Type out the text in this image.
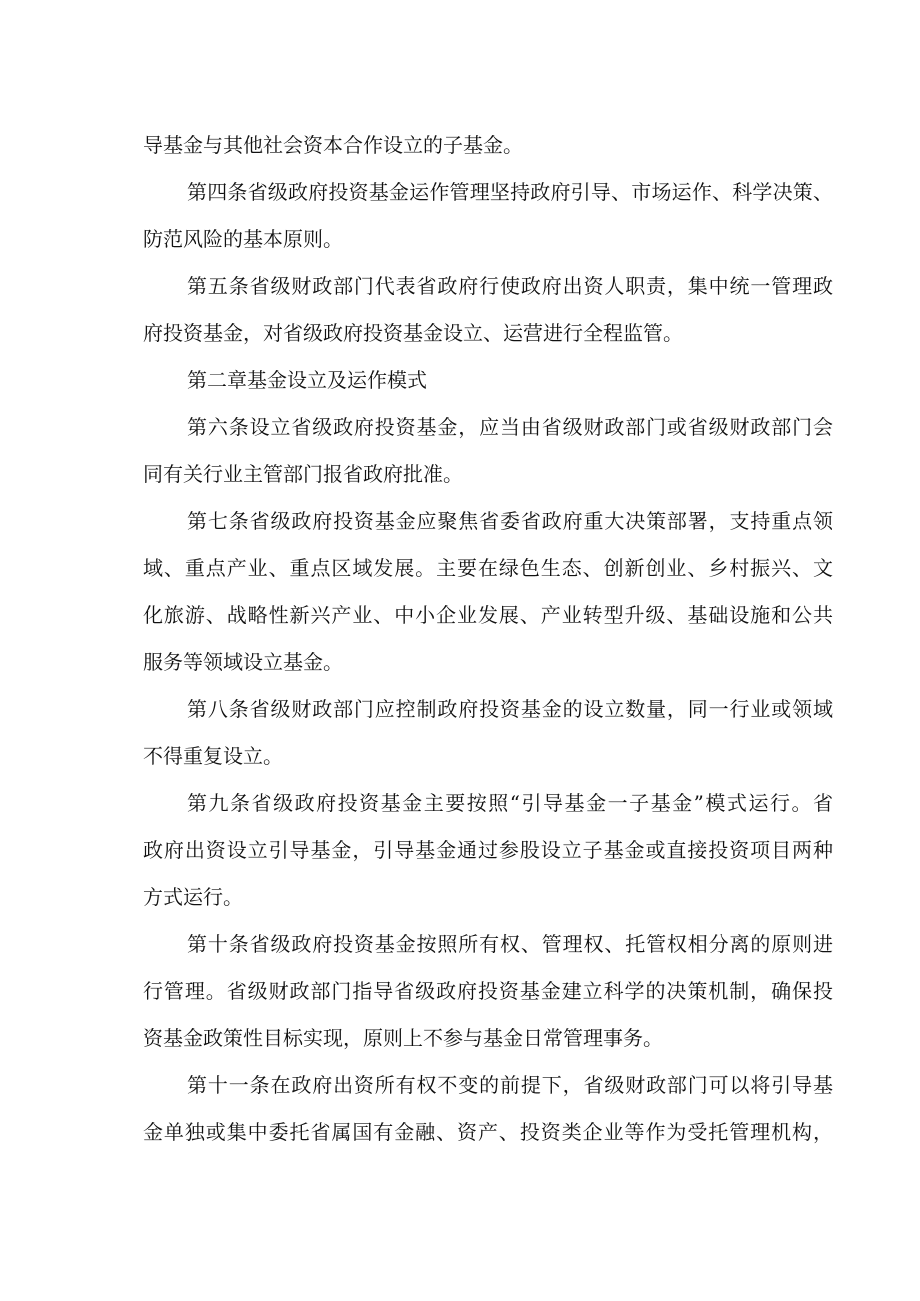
导基金与其他社会资本合作设立的子基金。
第四条省级政府投资基金运作管理坚持政府引导、市场运作、科学决策、
防范风险的基本原则。
第五条省级财政部门代表省政府行使政府出资人职责，集中统一管理政
府投资基金，对省级政府投资基金设立、运营进行全程监管。
第二章基金设立及运作模式
第六条设立省级政府投资基金，应当由省级财政部门或省级财政部门会
同有关行业主管部门报省政府批准。
第七条省级政府投资基金应聚焦省委省政府重大决策部署，支持重点领
域、重点产业、重点区域发展。主要在绿色生态、创新创业、乡村振兴、文
化旅游、战略性新兴产业、中小企业发展、产业转型升级、基础设施和公共
服务等领域设立基金。
第八条省级财政部门应控制政府投资基金的设立数量，同一行业或领域
不得重复设立。
第九条省级政府投资基金主要按照“引导基金一子基金”模式运行。省
政府出资设立引导基金，引导基金通过参股设立子基金或直接投资项目两种
方式运行。
第十条省级政府投资基金按照所有权、管理权、托管权相分离的原则进
行管理。省级财政部门指导省级政府投资基金建立科学的决策机制，确保投
资基金政策性目标实现，原则上不参与基金日常管理事务。
第十一条在政府出资所有权不变的前提下，省级财政部门可以将引导基
金单独或集中委托省属国有金融、资产、投资类企业等作为受托管理机构，
